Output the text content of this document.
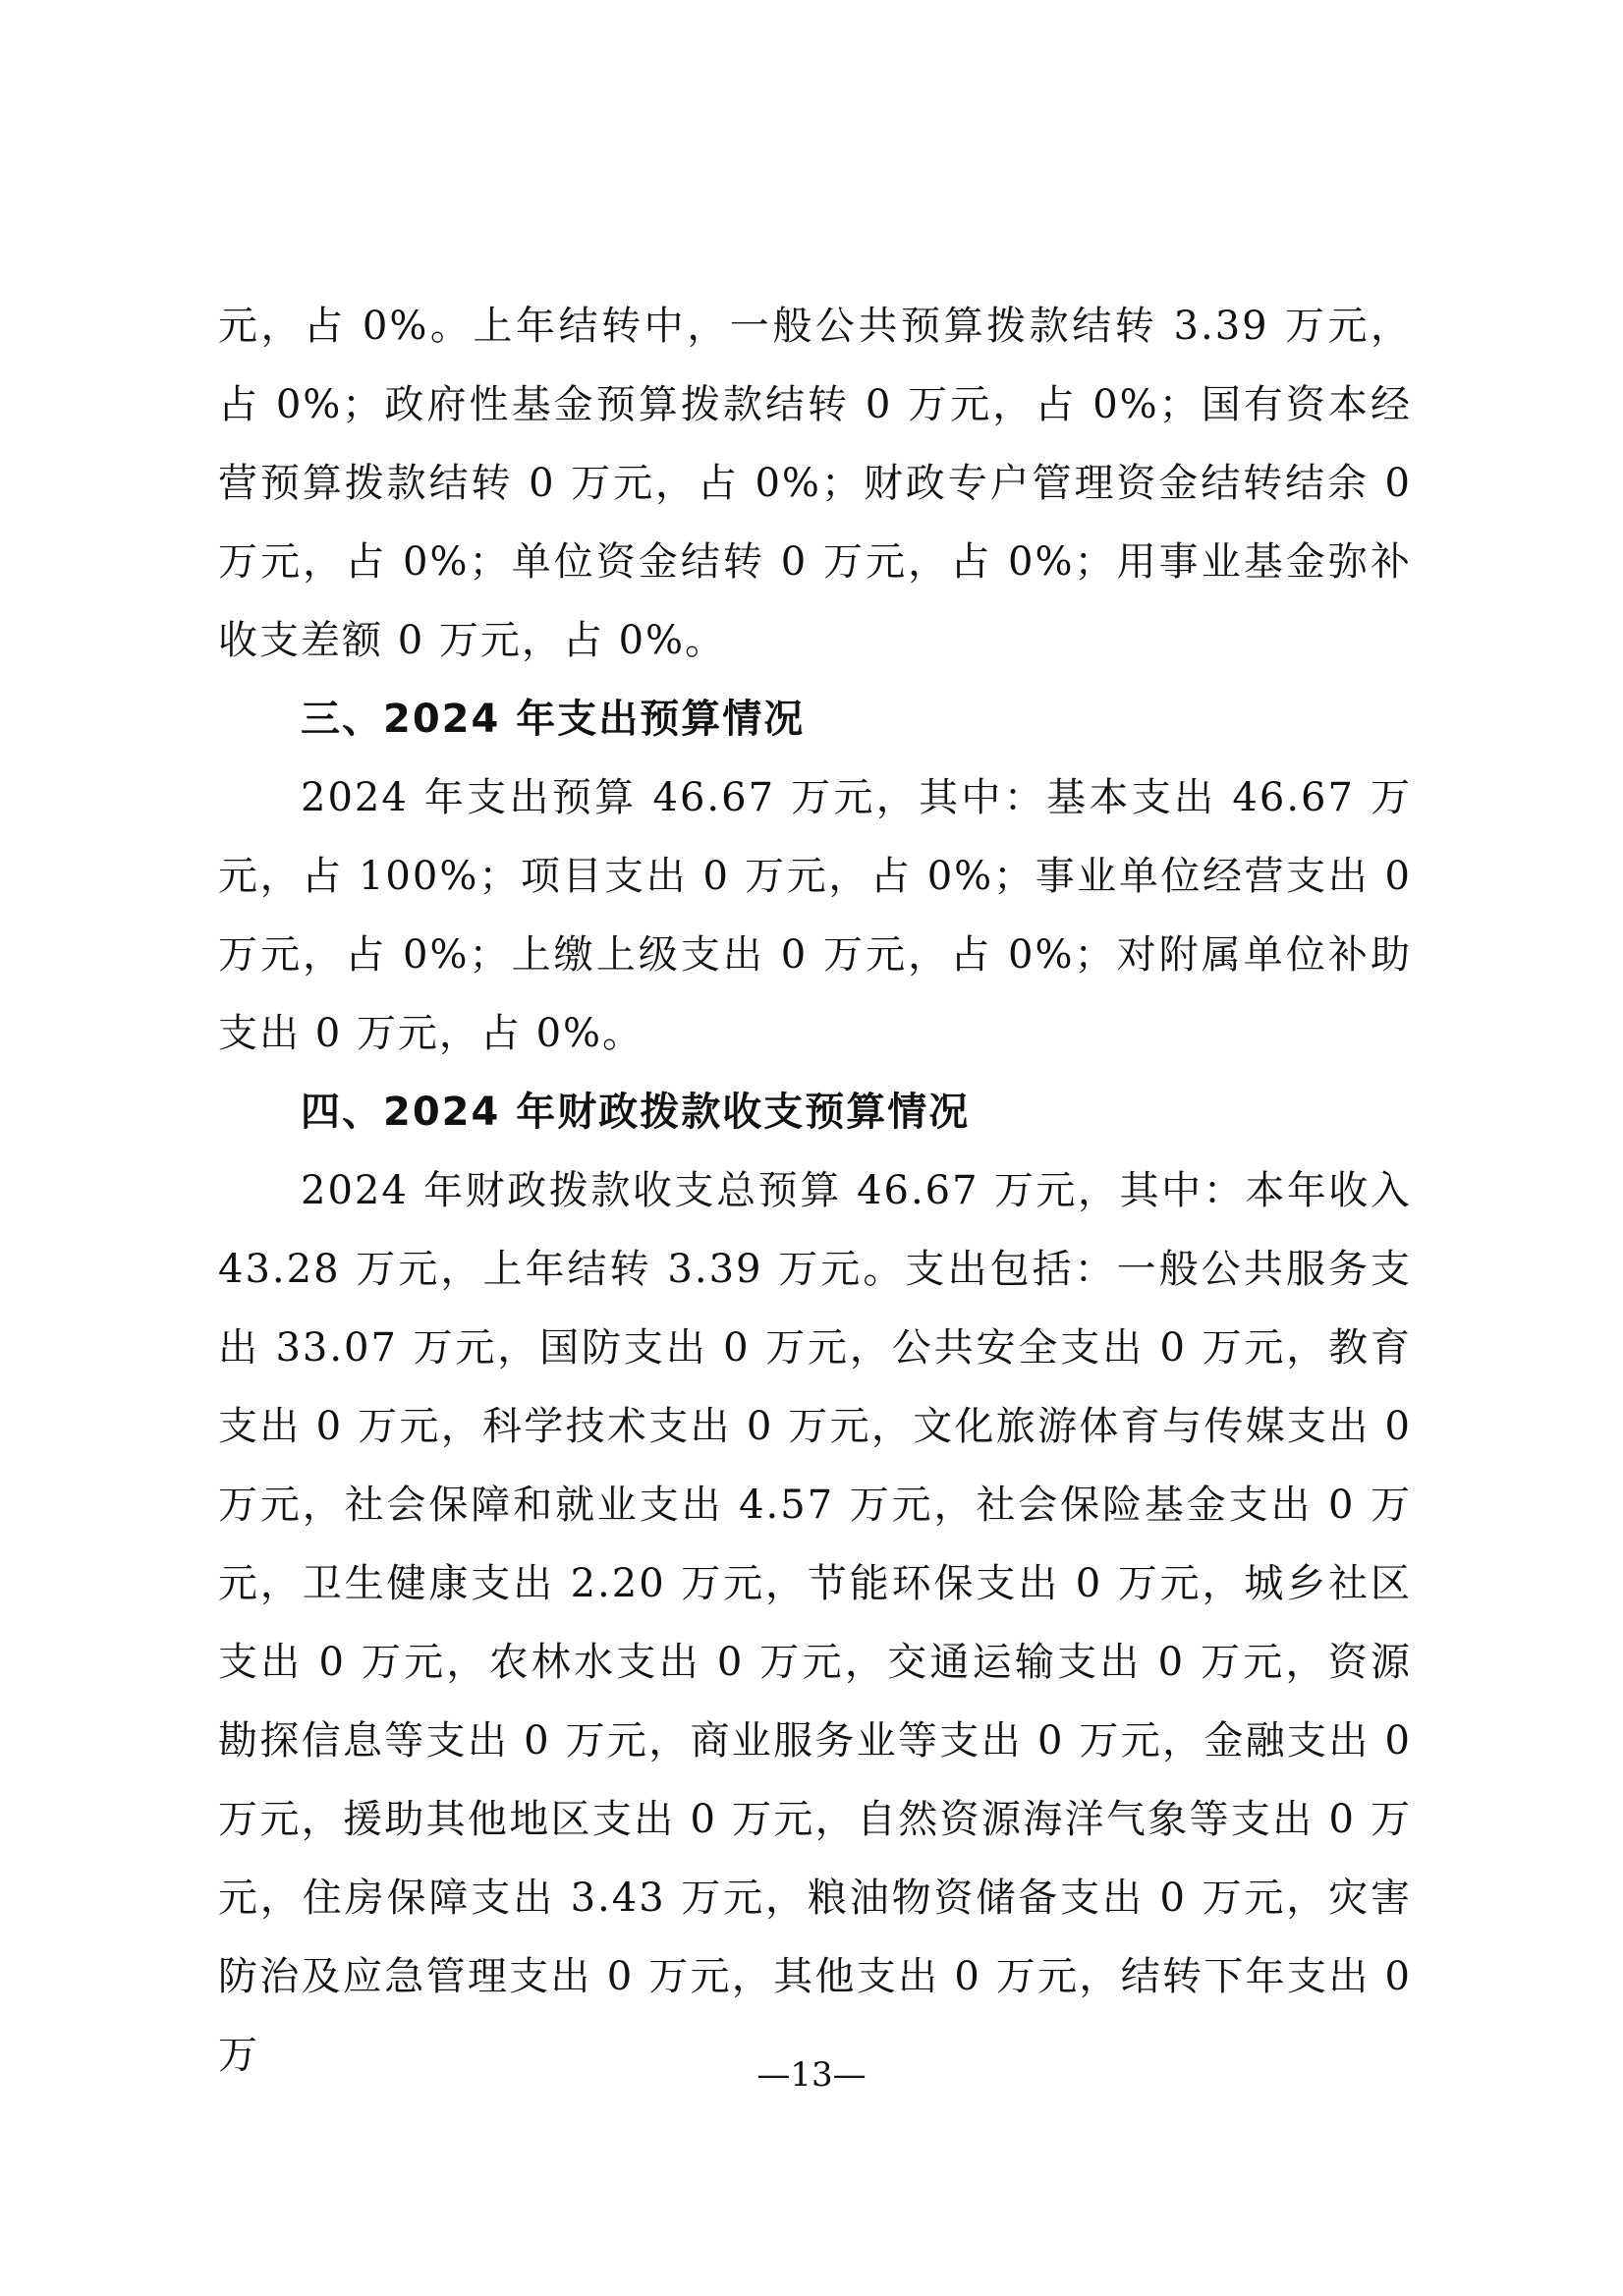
元，占 0%。上年结转中，一般公共预算拨款结转 3.39 万元，占 0%；政府性基金预算拨款结转 0 万元，占 0%；国有资本经营预算拨款结转 0 万元，占 0%；财政专户管理资金结转结余 0 万元，占 0%；单位资金结转 0 万元，占 0%；用事业基金弥补收支差额 0 万元，占 0%。

三、2024 年支出预算情况

2024 年支出预算 46.67 万元，其中：基本支出 46.67 万元，占 100%；项目支出 0 万元，占 0%；事业单位经营支出 0 万元，占 0%；上缴上级支出 0 万元，占 0%；对附属单位补助支出 0 万元，占 0%。

四、2024 年财政拨款收支预算情况

2024 年财政拨款收支总预算 46.67 万元，其中：本年收入 43.28 万元，上年结转 3.39 万元。支出包括：一般公共服务支出 33.07 万元，国防支出 0 万元，公共安全支出 0 万元，教育支出 0 万元，科学技术支出 0 万元，文化旅游体育与传媒支出 0 万元，社会保障和就业支出 4.57 万元，社会保险基金支出 0 万元，卫生健康支出 2.20 万元，节能环保支出 0 万元，城乡社区支出 0 万元，农林水支出 0 万元，交通运输支出 0 万元，资源勘探信息等支出 0 万元，商业服务业等支出 0 万元，金融支出 0 万元，援助其他地区支出 0 万元，自然资源海洋气象等支出 0 万元，住房保障支出 3.43 万元，粮油物资储备支出 0 万元，灾害防治及应急管理支出 0 万元，其他支出 0 万元，结转下年支出 0 万	—13—
